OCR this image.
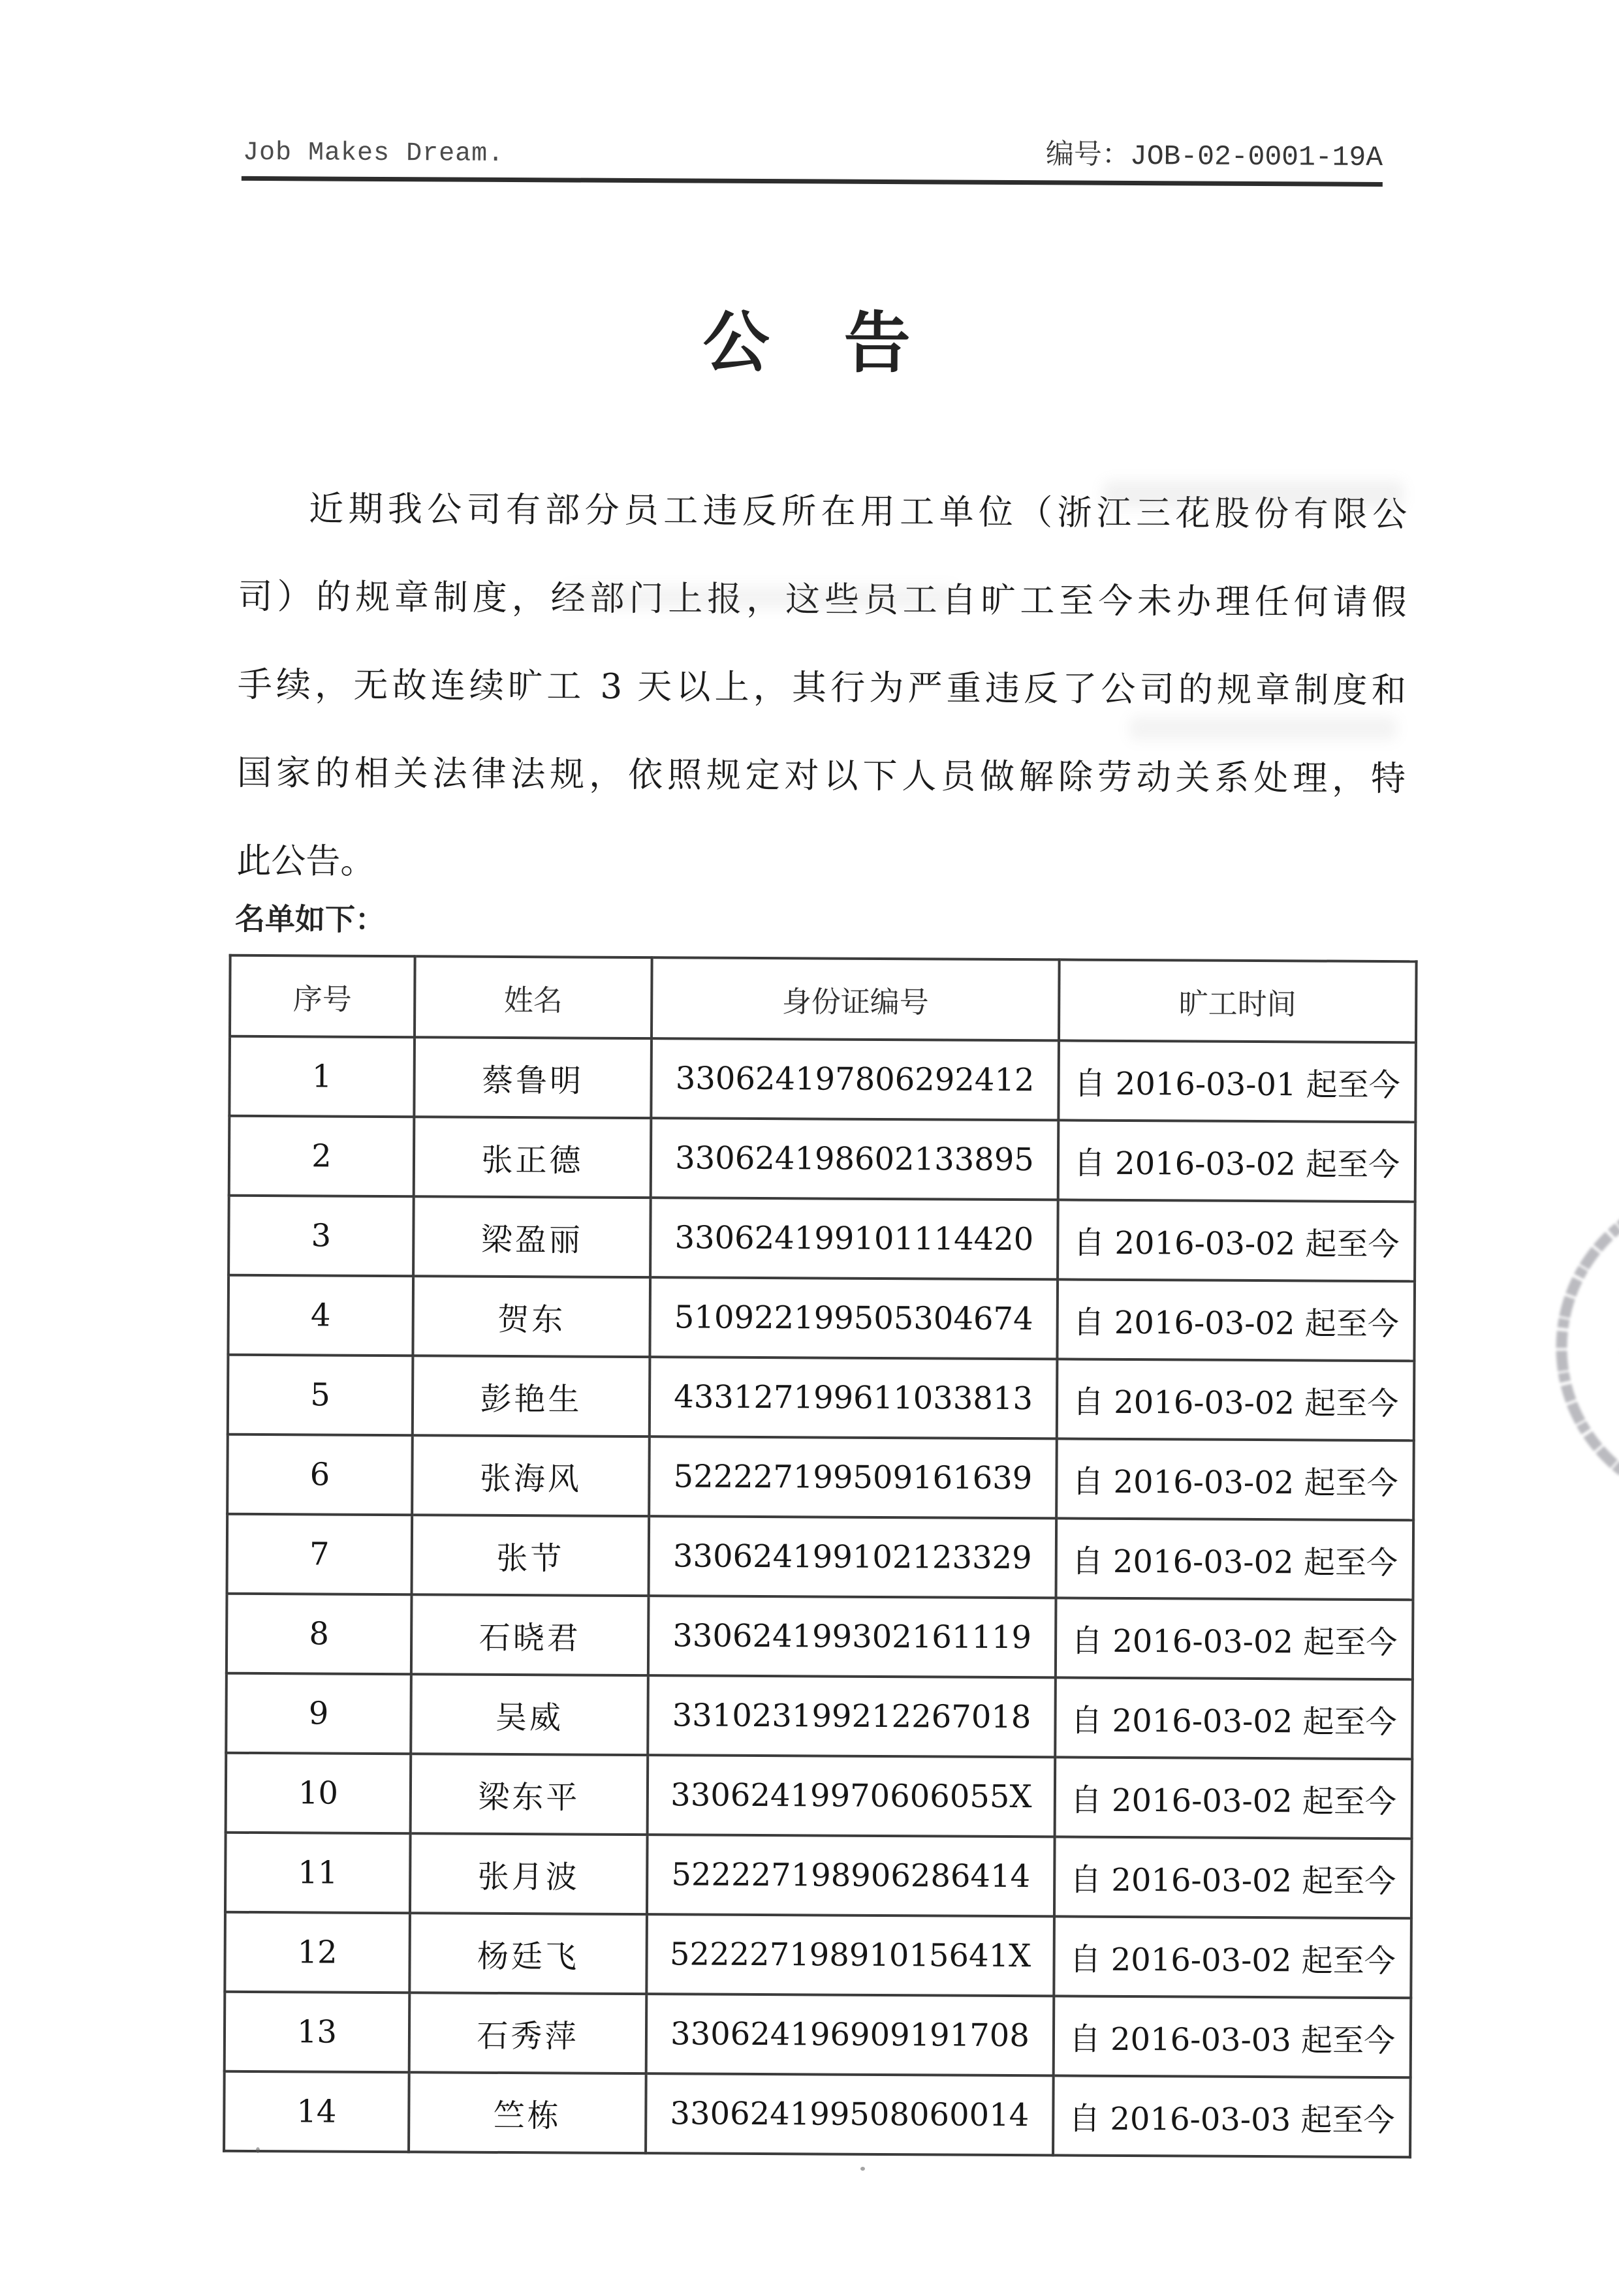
Job Makes Dream.	编号：JOB-02-0001-19A
公　告
近期我公司有部分员工违反所在用工单位（浙江三花股份有限公
司）的规章制度，经部门上报，这些员工自旷工至今未办理任何请假
手续，无故连续旷工 3 天以上，其行为严重违反了公司的规章制度和
国家的相关法律法规，依照规定对以下人员做解除劳动关系处理，特
此公告。
名单如下：
序号	姓名	身份证编号	旷工时间
1	蔡鲁明	330624197806292412	自 2016-03-01 起至今
2	张正德	330624198602133895	自 2016-03-02 起至今
3	梁盈丽	330624199101114420	自 2016-03-02 起至今
4	贺东	510922199505304674	自 2016-03-02 起至今
5	彭艳生	433127199611033813	自 2016-03-02 起至今
6	张海风	522227199509161639	自 2016-03-02 起至今
7	张节	330624199102123329	自 2016-03-02 起至今
8	石晓君	330624199302161119	自 2016-03-02 起至今
9	吴威	331023199212267018	自 2016-03-02 起至今
10	梁东平	33062419970606055X	自 2016-03-02 起至今
11	张月波	522227198906286414	自 2016-03-02 起至今
12	杨廷飞	52222719891015641X	自 2016-03-02 起至今
13	石秀萍	330624196909191708	自 2016-03-03 起至今
14	竺栋	330624199508060014	自 2016-03-03 起至今
